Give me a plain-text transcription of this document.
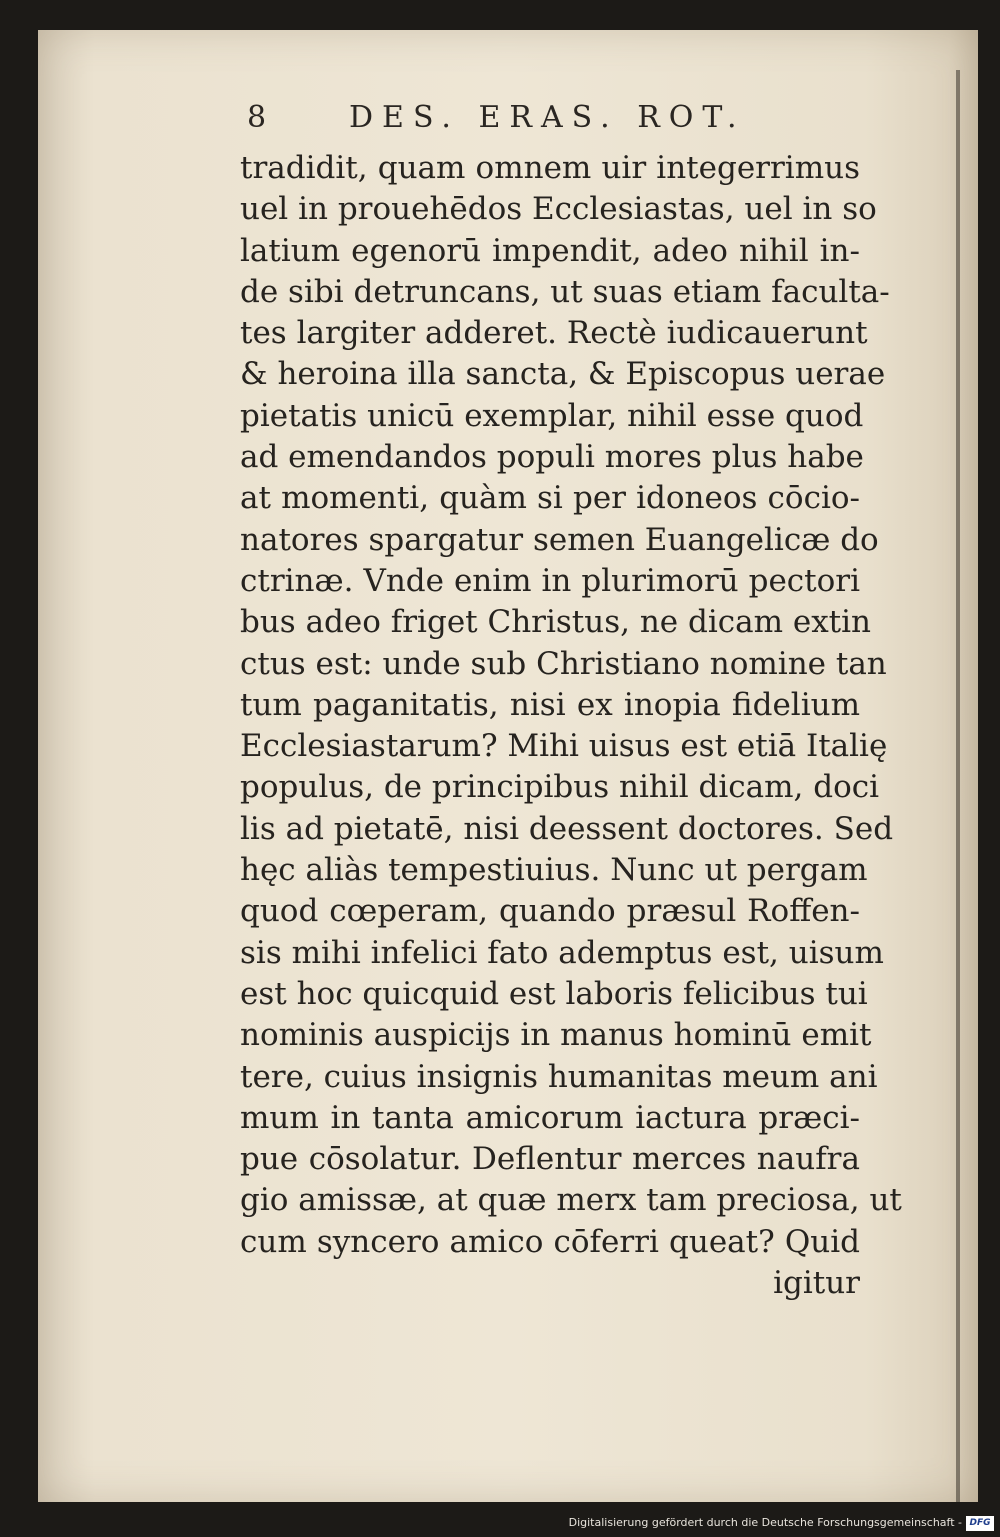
8	DES. ERAS. ROT.
tradidit, quam omnem uir integerrimus
uel in prouehēdos Ecclesiastas, uel in so
latium egenorū impendit, adeo nihil in-
de sibi detruncans, ut suas etiam faculta-
tes largiter adderet. Rectè iudicauerunt
& heroina illa sancta, & Episcopus uerae
pietatis unicū exemplar, nihil esse quod
ad emendandos populi mores plus habe
at momenti, quàm si per idoneos cōcio-
natores spargatur semen Euangelicæ do
ctrinæ. Vnde enim in plurimorū pectori
bus adeo friget Christus, ne dicam extin
ctus est: unde sub Christiano nomine tan
tum paganitatis, nisi ex inopia fidelium
Ecclesiastarum? Mihi uisus est etiā Italię
populus, de principibus nihil dicam, doci
lis ad pietatē, nisi deessent doctores. Sed
hęc aliàs tempestiuius. Nunc ut pergam
quod cœperam, quando præsul Roffen-
sis mihi infelici fato ademptus est, uisum
est hoc quicquid est laboris felicibus tui
nominis auspicijs in manus hominū emit
tere, cuius insignis humanitas meum ani
mum in tanta amicorum iactura præci-
pue cōsolatur. Deflentur merces naufra
gio amissæ, at quæ merx tam preciosa, ut
cum syncero amico cōferri queat? Quid
igitur
Digitalisierung gefördert durch die Deutsche Forschungsgemeinschaft - DFG
